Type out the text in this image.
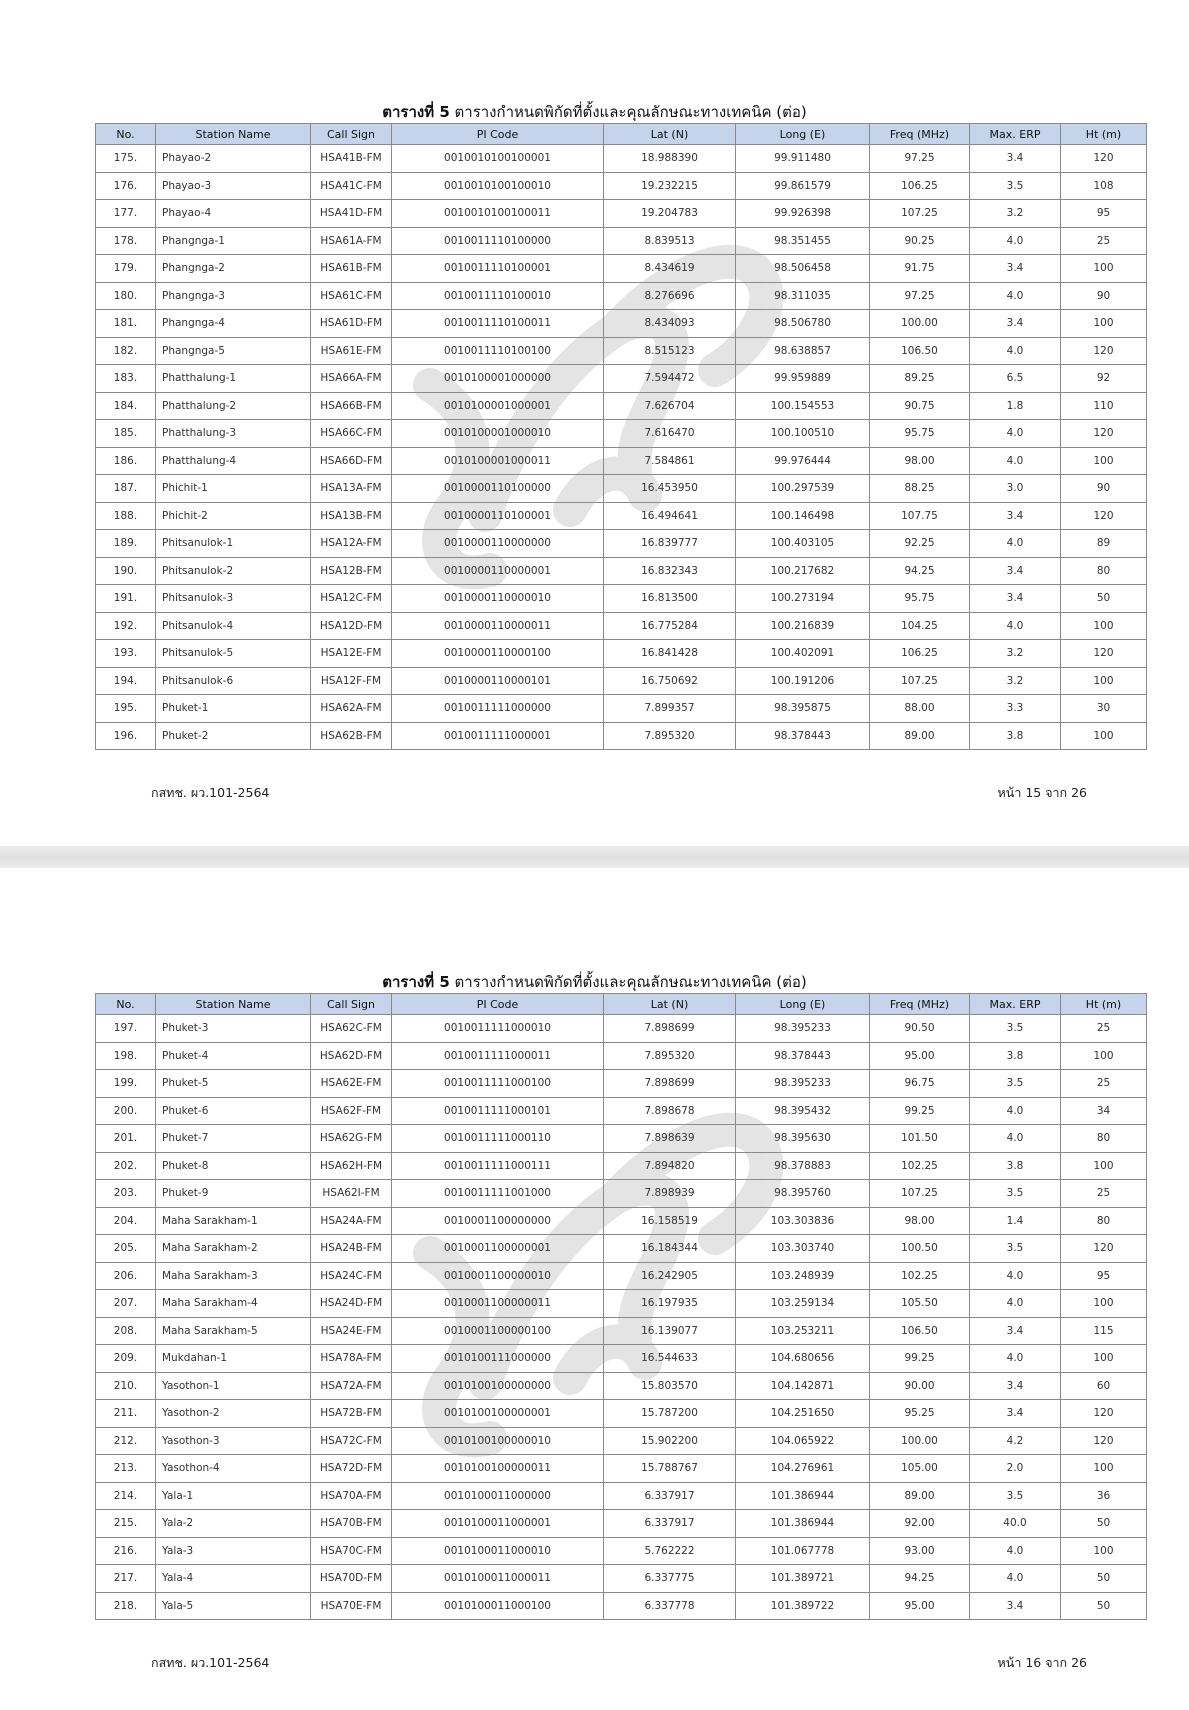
ตารางที่ 5 ตารางกำหนดพิกัดที่ตั้งและคุณลักษณะทางเทคนิค (ต่อ)
No.	Station Name	Call Sign	PI Code	Lat (N)	Long (E)	Freq (MHz)	Max. ERP	Ht (m)
175.	Phayao-2	HSA41B-FM	0010010100100001	18.988390	99.911480	97.25	3.4	120
176.	Phayao-3	HSA41C-FM	0010010100100010	19.232215	99.861579	106.25	3.5	108
177.	Phayao-4	HSA41D-FM	0010010100100011	19.204783	99.926398	107.25	3.2	95
178.	Phangnga-1	HSA61A-FM	0010011110100000	8.839513	98.351455	90.25	4.0	25
179.	Phangnga-2	HSA61B-FM	0010011110100001	8.434619	98.506458	91.75	3.4	100
180.	Phangnga-3	HSA61C-FM	0010011110100010	8.276696	98.311035	97.25	4.0	90
181.	Phangnga-4	HSA61D-FM	0010011110100011	8.434093	98.506780	100.00	3.4	100
182.	Phangnga-5	HSA61E-FM	0010011110100100	8.515123	98.638857	106.50	4.0	120
183.	Phatthalung-1	HSA66A-FM	0010100001000000	7.594472	99.959889	89.25	6.5	92
184.	Phatthalung-2	HSA66B-FM	0010100001000001	7.626704	100.154553	90.75	1.8	110
185.	Phatthalung-3	HSA66C-FM	0010100001000010	7.616470	100.100510	95.75	4.0	120
186.	Phatthalung-4	HSA66D-FM	0010100001000011	7.584861	99.976444	98.00	4.0	100
187.	Phichit-1	HSA13A-FM	0010000110100000	16.453950	100.297539	88.25	3.0	90
188.	Phichit-2	HSA13B-FM	0010000110100001	16.494641	100.146498	107.75	3.4	120
189.	Phitsanulok-1	HSA12A-FM	0010000110000000	16.839777	100.403105	92.25	4.0	89
190.	Phitsanulok-2	HSA12B-FM	0010000110000001	16.832343	100.217682	94.25	3.4	80
191.	Phitsanulok-3	HSA12C-FM	0010000110000010	16.813500	100.273194	95.75	3.4	50
192.	Phitsanulok-4	HSA12D-FM	0010000110000011	16.775284	100.216839	104.25	4.0	100
193.	Phitsanulok-5	HSA12E-FM	0010000110000100	16.841428	100.402091	106.25	3.2	120
194.	Phitsanulok-6	HSA12F-FM	0010000110000101	16.750692	100.191206	107.25	3.2	100
195.	Phuket-1	HSA62A-FM	0010011111000000	7.899357	98.395875	88.00	3.3	30
196.	Phuket-2	HSA62B-FM	0010011111000001	7.895320	98.378443	89.00	3.8	100
กสทช. ผว.101-2564	หน้า 15 จาก 26
ตารางที่ 5 ตารางกำหนดพิกัดที่ตั้งและคุณลักษณะทางเทคนิค (ต่อ)
No.	Station Name	Call Sign	PI Code	Lat (N)	Long (E)	Freq (MHz)	Max. ERP	Ht (m)
197.	Phuket-3	HSA62C-FM	0010011111000010	7.898699	98.395233	90.50	3.5	25
198.	Phuket-4	HSA62D-FM	0010011111000011	7.895320	98.378443	95.00	3.8	100
199.	Phuket-5	HSA62E-FM	0010011111000100	7.898699	98.395233	96.75	3.5	25
200.	Phuket-6	HSA62F-FM	0010011111000101	7.898678	98.395432	99.25	4.0	34
201.	Phuket-7	HSA62G-FM	0010011111000110	7.898639	98.395630	101.50	4.0	80
202.	Phuket-8	HSA62H-FM	0010011111000111	7.894820	98.378883	102.25	3.8	100
203.	Phuket-9	HSA62I-FM	0010011111001000	7.898939	98.395760	107.25	3.5	25
204.	Maha Sarakham-1	HSA24A-FM	0010001100000000	16.158519	103.303836	98.00	1.4	80
205.	Maha Sarakham-2	HSA24B-FM	0010001100000001	16.184344	103.303740	100.50	3.5	120
206.	Maha Sarakham-3	HSA24C-FM	0010001100000010	16.242905	103.248939	102.25	4.0	95
207.	Maha Sarakham-4	HSA24D-FM	0010001100000011	16.197935	103.259134	105.50	4.0	100
208.	Maha Sarakham-5	HSA24E-FM	0010001100000100	16.139077	103.253211	106.50	3.4	115
209.	Mukdahan-1	HSA78A-FM	0010100111000000	16.544633	104.680656	99.25	4.0	100
210.	Yasothon-1	HSA72A-FM	0010100100000000	15.803570	104.142871	90.00	3.4	60
211.	Yasothon-2	HSA72B-FM	0010100100000001	15.787200	104.251650	95.25	3.4	120
212.	Yasothon-3	HSA72C-FM	0010100100000010	15.902200	104.065922	100.00	4.2	120
213.	Yasothon-4	HSA72D-FM	0010100100000011	15.788767	104.276961	105.00	2.0	100
214.	Yala-1	HSA70A-FM	0010100011000000	6.337917	101.386944	89.00	3.5	36
215.	Yala-2	HSA70B-FM	0010100011000001	6.337917	101.386944	92.00	40.0	50
216.	Yala-3	HSA70C-FM	0010100011000010	5.762222	101.067778	93.00	4.0	100
217.	Yala-4	HSA70D-FM	0010100011000011	6.337775	101.389721	94.25	4.0	50
218.	Yala-5	HSA70E-FM	0010100011000100	6.337778	101.389722	95.00	3.4	50
กสทช. ผว.101-2564	หน้า 16 จาก 26
